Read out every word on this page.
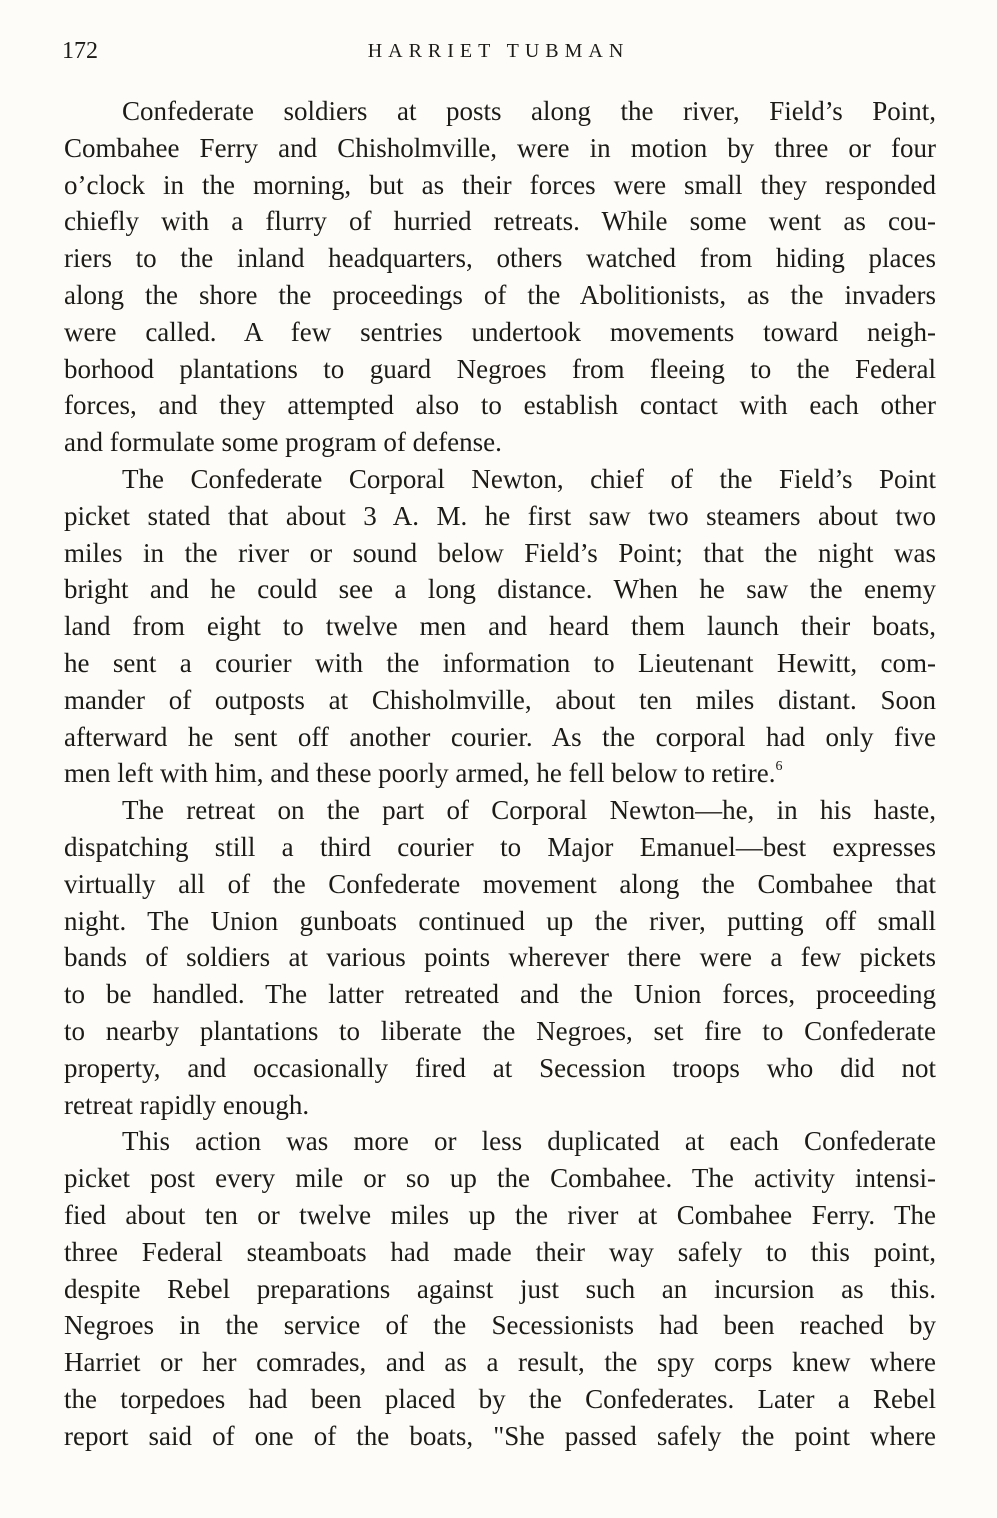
172	HARRIET TUBMAN
Confederate soldiers at posts along the river, Field’s Point,
Combahee Ferry and Chisholmville, were in motion by three or four
o’clock in the morning, but as their forces were small they responded
chiefly with a flurry of hurried retreats. While some went as cou-
riers to the inland headquarters, others watched from hiding places
along the shore the proceedings of the Abolitionists, as the invaders
were called. A few sentries undertook movements toward neigh-
borhood plantations to guard Negroes from fleeing to the Federal
forces, and they attempted also to establish contact with each other
and formulate some program of defense.
The Confederate Corporal Newton, chief of the Field’s Point
picket stated that about 3 A. M. he first saw two steamers about two
miles in the river or sound below Field’s Point; that the night was
bright and he could see a long distance. When he saw the enemy
land from eight to twelve men and heard them launch their boats,
he sent a courier with the information to Lieutenant Hewitt, com-
mander of outposts at Chisholmville, about ten miles distant. Soon
afterward he sent off another courier. As the corporal had only five
men left with him, and these poorly armed, he fell below to retire.$^6$
The retreat on the part of Corporal Newton—he, in his haste,
dispatching still a third courier to Major Emanuel—best expresses
virtually all of the Confederate movement along the Combahee that
night. The Union gunboats continued up the river, putting off small
bands of soldiers at various points wherever there were a few pickets
to be handled. The latter retreated and the Union forces, proceeding
to nearby plantations to liberate the Negroes, set fire to Confederate
property, and occasionally fired at Secession troops who did not
retreat rapidly enough.
This action was more or less duplicated at each Confederate
picket post every mile or so up the Combahee. The activity intensi-
fied about ten or twelve miles up the river at Combahee Ferry. The
three Federal steamboats had made their way safely to this point,
despite Rebel preparations against just such an incursion as this.
Negroes in the service of the Secessionists had been reached by
Harriet or her comrades, and as a result, the spy corps knew where
the torpedoes had been placed by the Confederates. Later a Rebel
report said of one of the boats, "She passed safely the point where
